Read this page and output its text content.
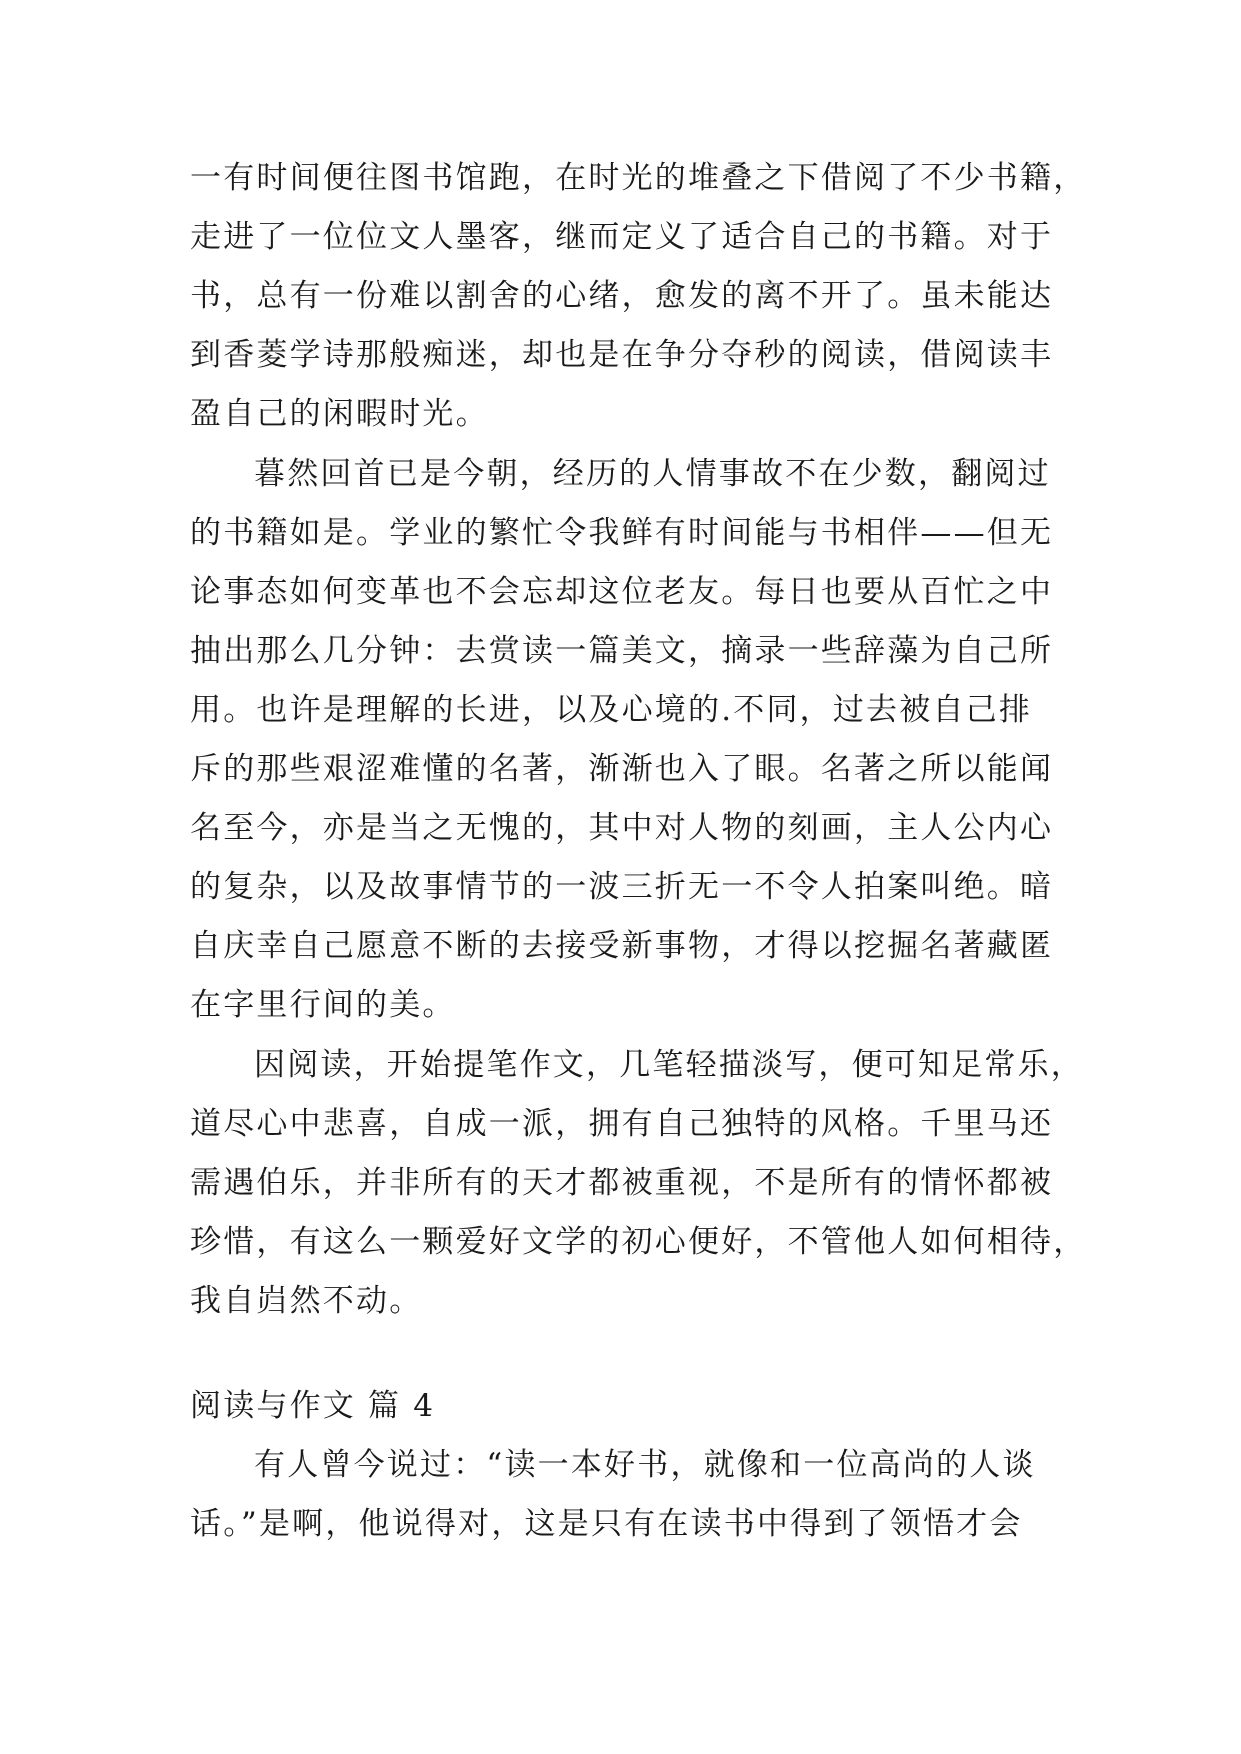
一有时间便往图书馆跑，在时光的堆叠之下借阅了不少书籍，
走进了一位位文人墨客，继而定义了适合自己的书籍。对于
书，总有一份难以割舍的心绪，愈发的离不开了。虽未能达
到香菱学诗那般痴迷，却也是在争分夺秒的阅读，借阅读丰
盈自己的闲暇时光。
暮然回首已是今朝，经历的人情事故不在少数，翻阅过
的书籍如是。学业的繁忙令我鲜有时间能与书相伴——但无
论事态如何变革也不会忘却这位老友。每日也要从百忙之中
抽出那么几分钟：去赏读一篇美文，摘录一些辞藻为自己所
用。也许是理解的长进，以及心境的.不同，过去被自己排
斥的那些艰涩难懂的名著，渐渐也入了眼。名著之所以能闻
名至今，亦是当之无愧的，其中对人物的刻画，主人公内心
的复杂，以及故事情节的一波三折无一不令人拍案叫绝。暗
自庆幸自己愿意不断的去接受新事物，才得以挖掘名著藏匿
在字里行间的美。
因阅读，开始提笔作文，几笔轻描淡写，便可知足常乐，
道尽心中悲喜，自成一派，拥有自己独特的风格。千里马还
需遇伯乐，并非所有的天才都被重视，不是所有的情怀都被
珍惜，有这么一颗爱好文学的初心便好，不管他人如何相待，
我自岿然不动。
阅读与作文 篇 4
有人曾今说过：“读一本好书，就像和一位高尚的人谈
话。”是啊，他说得对，这是只有在读书中得到了领悟才会
